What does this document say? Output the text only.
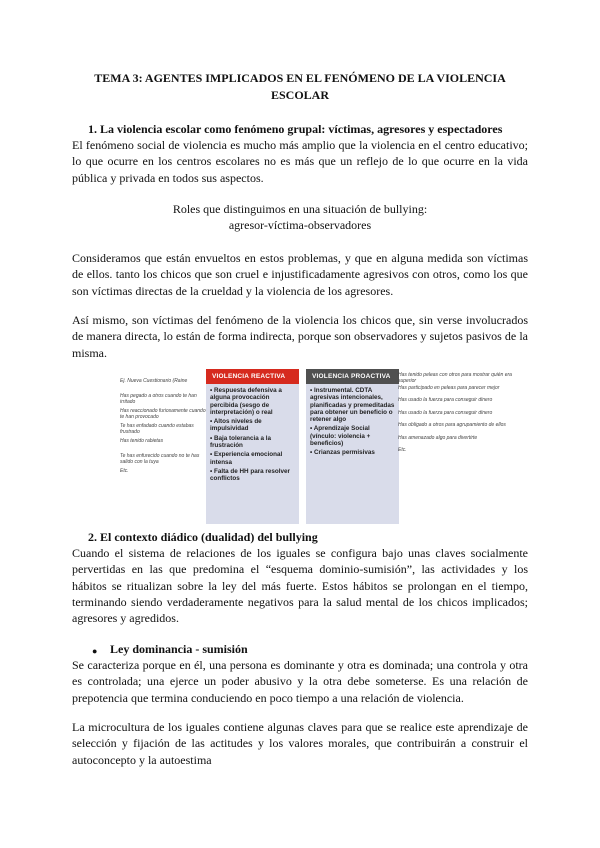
TEMA 3: AGENTES IMPLICADOS EN EL FENÓMENO DE LA VIOLENCIA ESCOLAR
1. La violencia escolar como fenómeno grupal: víctimas, agresores y espectadores
El fenómeno social de violencia es mucho más amplio que la violencia en el centro educativo; lo que ocurre en los centros escolares no es más que un reflejo de lo que ocurre en la vida pública y privada en todos sus aspectos.
Roles que distinguimos en una situación de bullying:
agresor-víctima-observadores
Consideramos que están envueltos en estos problemas, y que en alguna medida son víctimas de ellos. tanto los chicos que son cruel e injustificadamente agresivos con otros, como los que son víctimas directas de la crueldad y la violencia de los agresores.
Así mismo, son víctimas del fenómeno de la violencia los chicos que, sin verse involucrados de manera directa, lo están de forma indirecta, porque son observadores y sujetos pasivos de la misma.
Ej. Nueva Cuestionario (Raine
Has pegado a otros cuando te han irritado
Has reaccionado furiosamente cuando te han provocado
Te has enfadado cuando estabas frustrado
Has tenido rabietas
Te has enfurecido cuando no te has salido con la tuya
Etc.
VIOLENCIA REACTIVA
• Respuesta defensiva a alguna provocación percibida (sesgo de interpretación) o real
• Altos niveles de impulsividad
• Baja tolerancia a la frustración
• Experiencia emocional intensa
• Falta de HH para resolver conflictos
VIOLENCIA PROACTIVA
• Instrumental. CDTA agresivas intencionales, planificadas y premeditadas para obtener un beneficio o retener algo
• Aprendizaje Social (vínculo: violencia + beneficios)
• Crianzas permisivas
Has tenido peleas con otros para mostrar quién era superior
Has participado en peleas para parecer mejor
Has usado la fuerza para conseguir dinero
Has usado la fuerza para conseguir dinero
Has obligado a otros para agrupamiento de ellos
Has amenazado algo para divertirte
Etc.
2. El contexto diádico (dualidad) del bullying
Cuando el sistema de relaciones de los iguales se configura bajo unas claves socialmente pervertidas en las que predomina el “esquema dominio-sumisión”, las actividades y los hábitos se ritualizan sobre la ley del más fuerte. Estos hábitos se prolongan en el tiempo, terminando siendo verdaderamente negativos para la salud mental de los chicos implicados; agresores y agredidos.
● Ley dominancia - sumisión
Se caracteriza porque en él, una persona es dominante y otra es dominada; una controla y otra es controlada; una ejerce un poder abusivo y la otra debe someterse. Es una relación de prepotencia que termina conduciendo en poco tiempo a una relación de violencia.
La microcultura de los iguales contiene algunas claves para que se realice este aprendizaje de selección y fijación de las actitudes y los valores morales, que contribuirán a construir el autoconcepto y la autoestima
